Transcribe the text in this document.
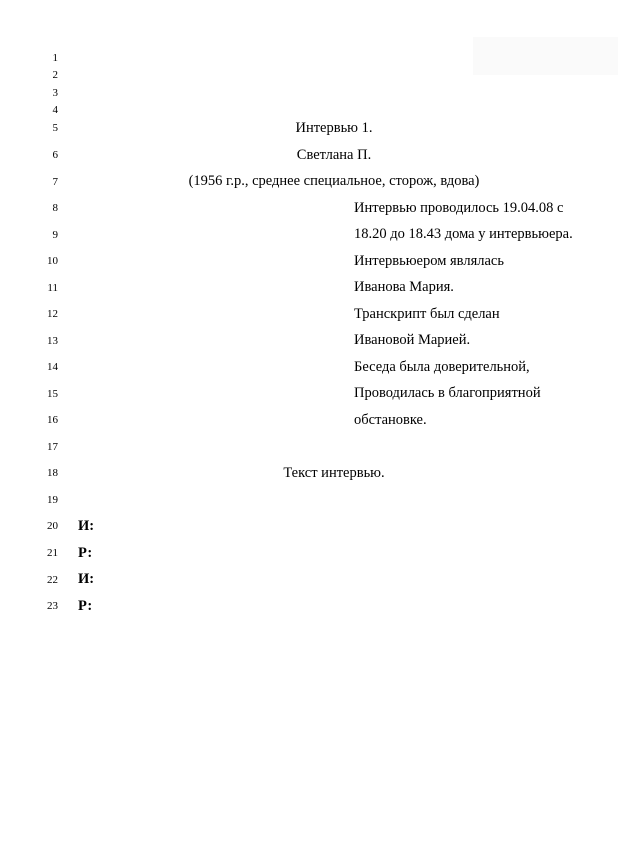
1
2
3
4
5
6
7
8
9
10
11
12
13
14
15
16
17
18
19
20
21
22
23
Интервью 1.
Светлана П.
(1956 г.р., среднее специальное, сторож, вдова)
Интервью проводилось 19.04.08 с
18.20 до 18.43 дома у интервьюера.
Интервьюером являлась
Иванова Мария.
Транскрипт был сделан
Ивановой Марией.
Беседа была доверительной,
Проводилась в благоприятной
обстановке.
Текст интервью.
И:
Р:
И:
Р:
